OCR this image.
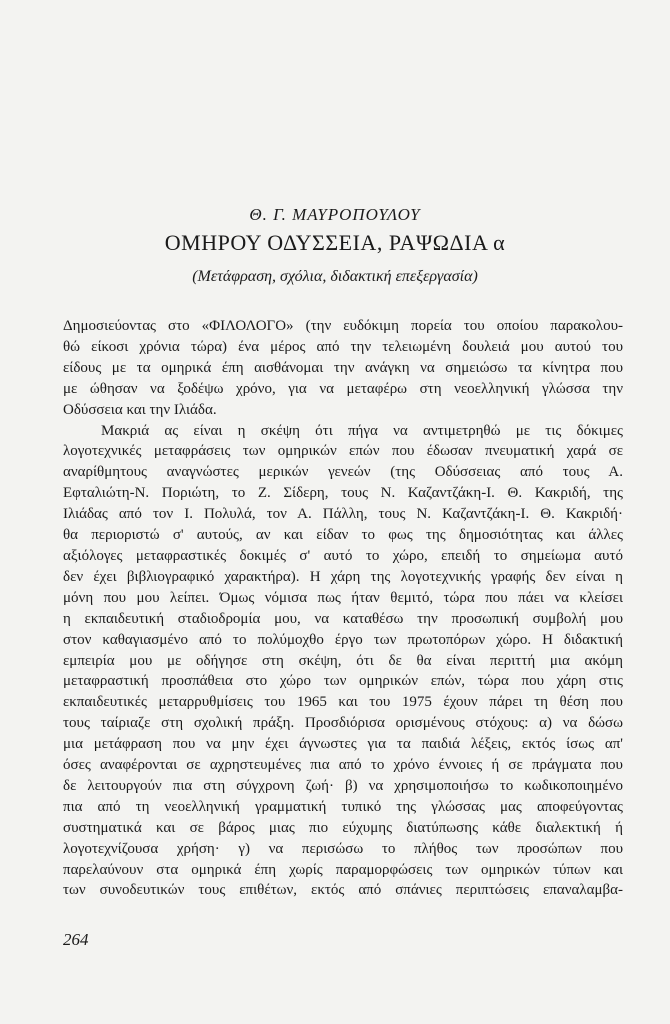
Θ. Γ. ΜΑΥΡΟΠΟΥΛΟΥ
ΟΜΗΡΟΥ ΟΔΥΣΣΕΙΑ, ΡΑΨΩΔΙΑ α
(Μετάφραση, σχόλια, διδακτική επεξεργασία)
Δημοσιεύοντας στο «ΦΙΛΟΛΟΓΟ» (την ευδόκιμη πορεία του οποίου παρακολου-
θώ είκοσι χρόνια τώρα) ένα μέρος από την τελειωμένη δουλειά μου αυτού του
είδους με τα ομηρικά έπη αισθάνομαι την ανάγκη να σημειώσω τα κίνητρα που
με ώθησαν να ξοδέψω χρόνο, για να μεταφέρω στη νεοελληνική γλώσσα την
Οδύσσεια και την Ιλιάδα.
Μακριά ας είναι η σκέψη ότι πήγα να αντιμετρηθώ με τις δόκιμες
λογοτεχνικές μεταφράσεις των ομηρικών επών που έδωσαν πνευματική χαρά σε
αναρίθμητους αναγνώστες μερικών γενεών (της Οδύσσειας από τους Α.
Εφταλιώτη-Ν. Ποριώτη, το Ζ. Σίδερη, τους Ν. Καζαντζάκη-Ι. Θ. Κακριδή, της
Ιλιάδας από τον Ι. Πολυλά, τον Α. Πάλλη, τους Ν. Καζαντζάκη-Ι. Θ. Κακριδή·
θα περιοριστώ σ' αυτούς, αν και είδαν το φως της δημοσιότητας και άλλες
αξιόλογες μεταφραστικές δοκιμές σ' αυτό το χώρο, επειδή το σημείωμα αυτό
δεν έχει βιβλιογραφικό χαρακτήρα). Η χάρη της λογοτεχνικής γραφής δεν είναι η
μόνη που μου λείπει. Όμως νόμισα πως ήταν θεμιτό, τώρα που πάει να κλείσει
η εκπαιδευτική σταδιοδρομία μου, να καταθέσω την προσωπική συμβολή μου
στον καθαγιασμένο από το πολύμοχθο έργο των πρωτοπόρων χώρο. Η διδακτική
εμπειρία μου με οδήγησε στη σκέψη, ότι δε θα είναι περιττή μια ακόμη
μεταφραστική προσπάθεια στο χώρο των ομηρικών επών, τώρα που χάρη στις
εκπαιδευτικές μεταρρυθμίσεις του 1965 και του 1975 έχουν πάρει τη θέση που
τους ταίριαζε στη σχολική πράξη. Προσδιόρισα ορισμένους στόχους: α) να δώσω
μια μετάφραση που να μην έχει άγνωστες για τα παιδιά λέξεις, εκτός ίσως απ'
όσες αναφέρονται σε αχρηστευμένες πια από το χρόνο έννοιες ή σε πράγματα που
δε λειτουργούν πια στη σύγχρονη ζωή· β) να χρησιμοποιήσω το κωδικοποιημένο
πια από τη νεοελληνική γραμματική τυπικό της γλώσσας μας αποφεύγοντας
συστηματικά και σε βάρος μιας πιο εύχυμης διατύπωσης κάθε διαλεκτική ή
λογοτεχνίζουσα χρήση· γ) να περισώσω το πλήθος των προσώπων που
παρελαύνουν στα ομηρικά έπη χωρίς παραμορφώσεις των ομηρικών τύπων και
των συνοδευτικών τους επιθέτων, εκτός από σπάνιες περιπτώσεις επαναλαμβα-
264
